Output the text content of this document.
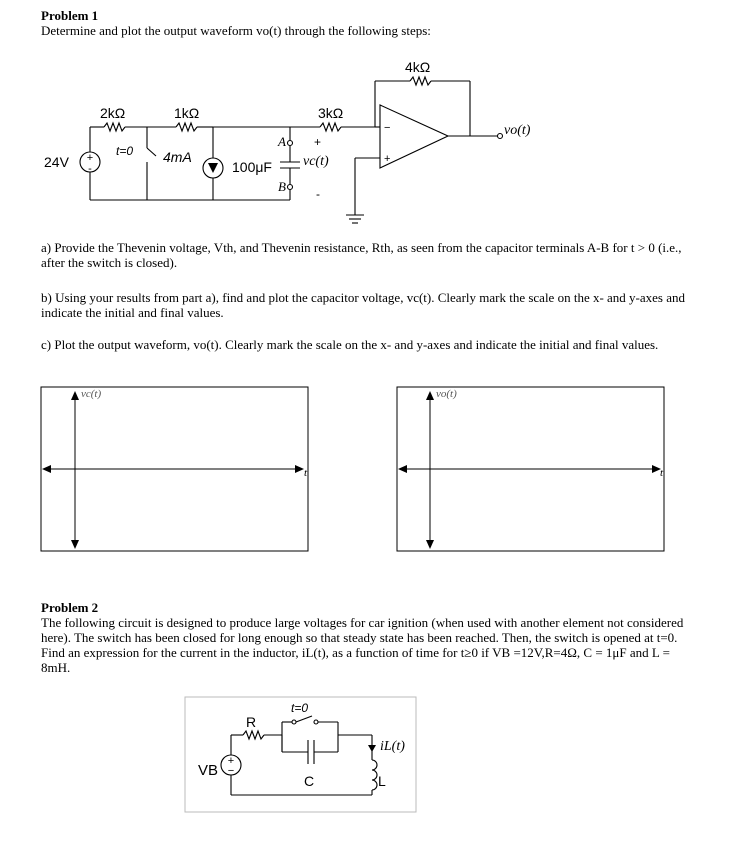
Problem 1
Determine and plot the output waveform vo(t) through the following steps:
+
-
2kΩ	1kΩ	3kΩ
4kΩ
24V
t=0 4mA
100μF
A
B
+
-
vc(t)
vo(t)
−
+
a) Provide the Thevenin voltage, Vth, and Thevenin resistance, Rth, as seen from the capacitor terminals A-B for t > 0 (i.e., after the switch is closed).
b) Using your results from part a), find and plot the capacitor voltage, vc(t). Clearly mark the scale on the x- and y-axes and indicate the initial and final values.
c) Plot the output waveform, vo(t). Clearly mark the scale on the x- and y-axes and indicate the initial and final values.
vc(t)
t
vo(t)
t
Problem 2
The following circuit is designed to produce large voltages for car ignition (when used with another element not considered here). The switch has been closed for long enough so that steady state has been reached. Then, the switch is opened at t=0. Find an expression for the current in the inductor, iL(t), as a function of time for t≥0 if VB =12V,R=4Ω, C = 1μF and L = 8mH.
+
−
R
t=0
VB
C	L
iL(t)
